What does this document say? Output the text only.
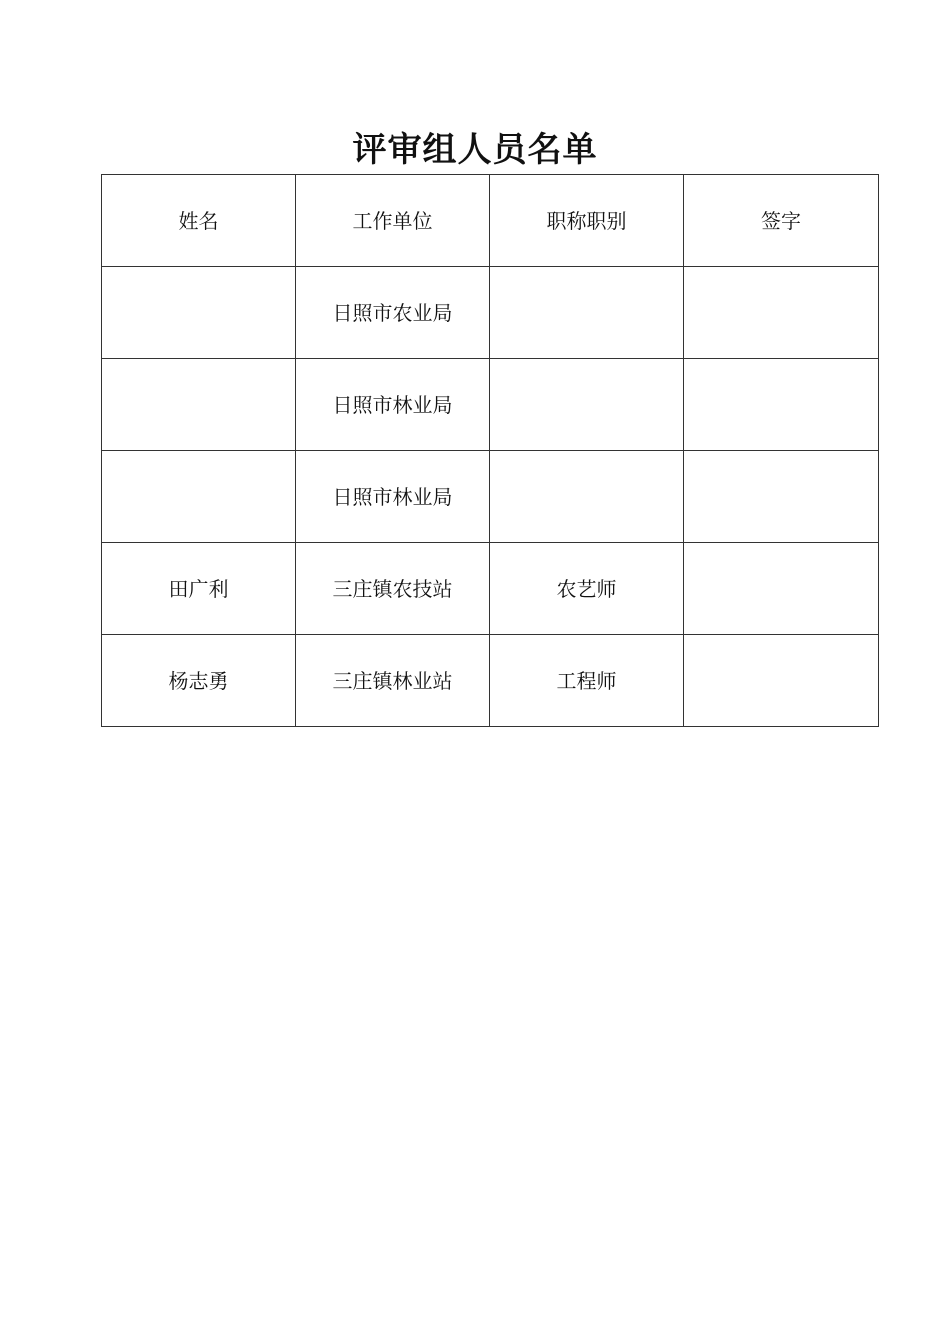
评审组人员名单
姓名	工作单位	职称职别	签字
	日照市农业局		
	日照市林业局		
	日照市林业局		
田广利	三庄镇农技站	农艺师	
杨志勇	三庄镇林业站	工程师	
